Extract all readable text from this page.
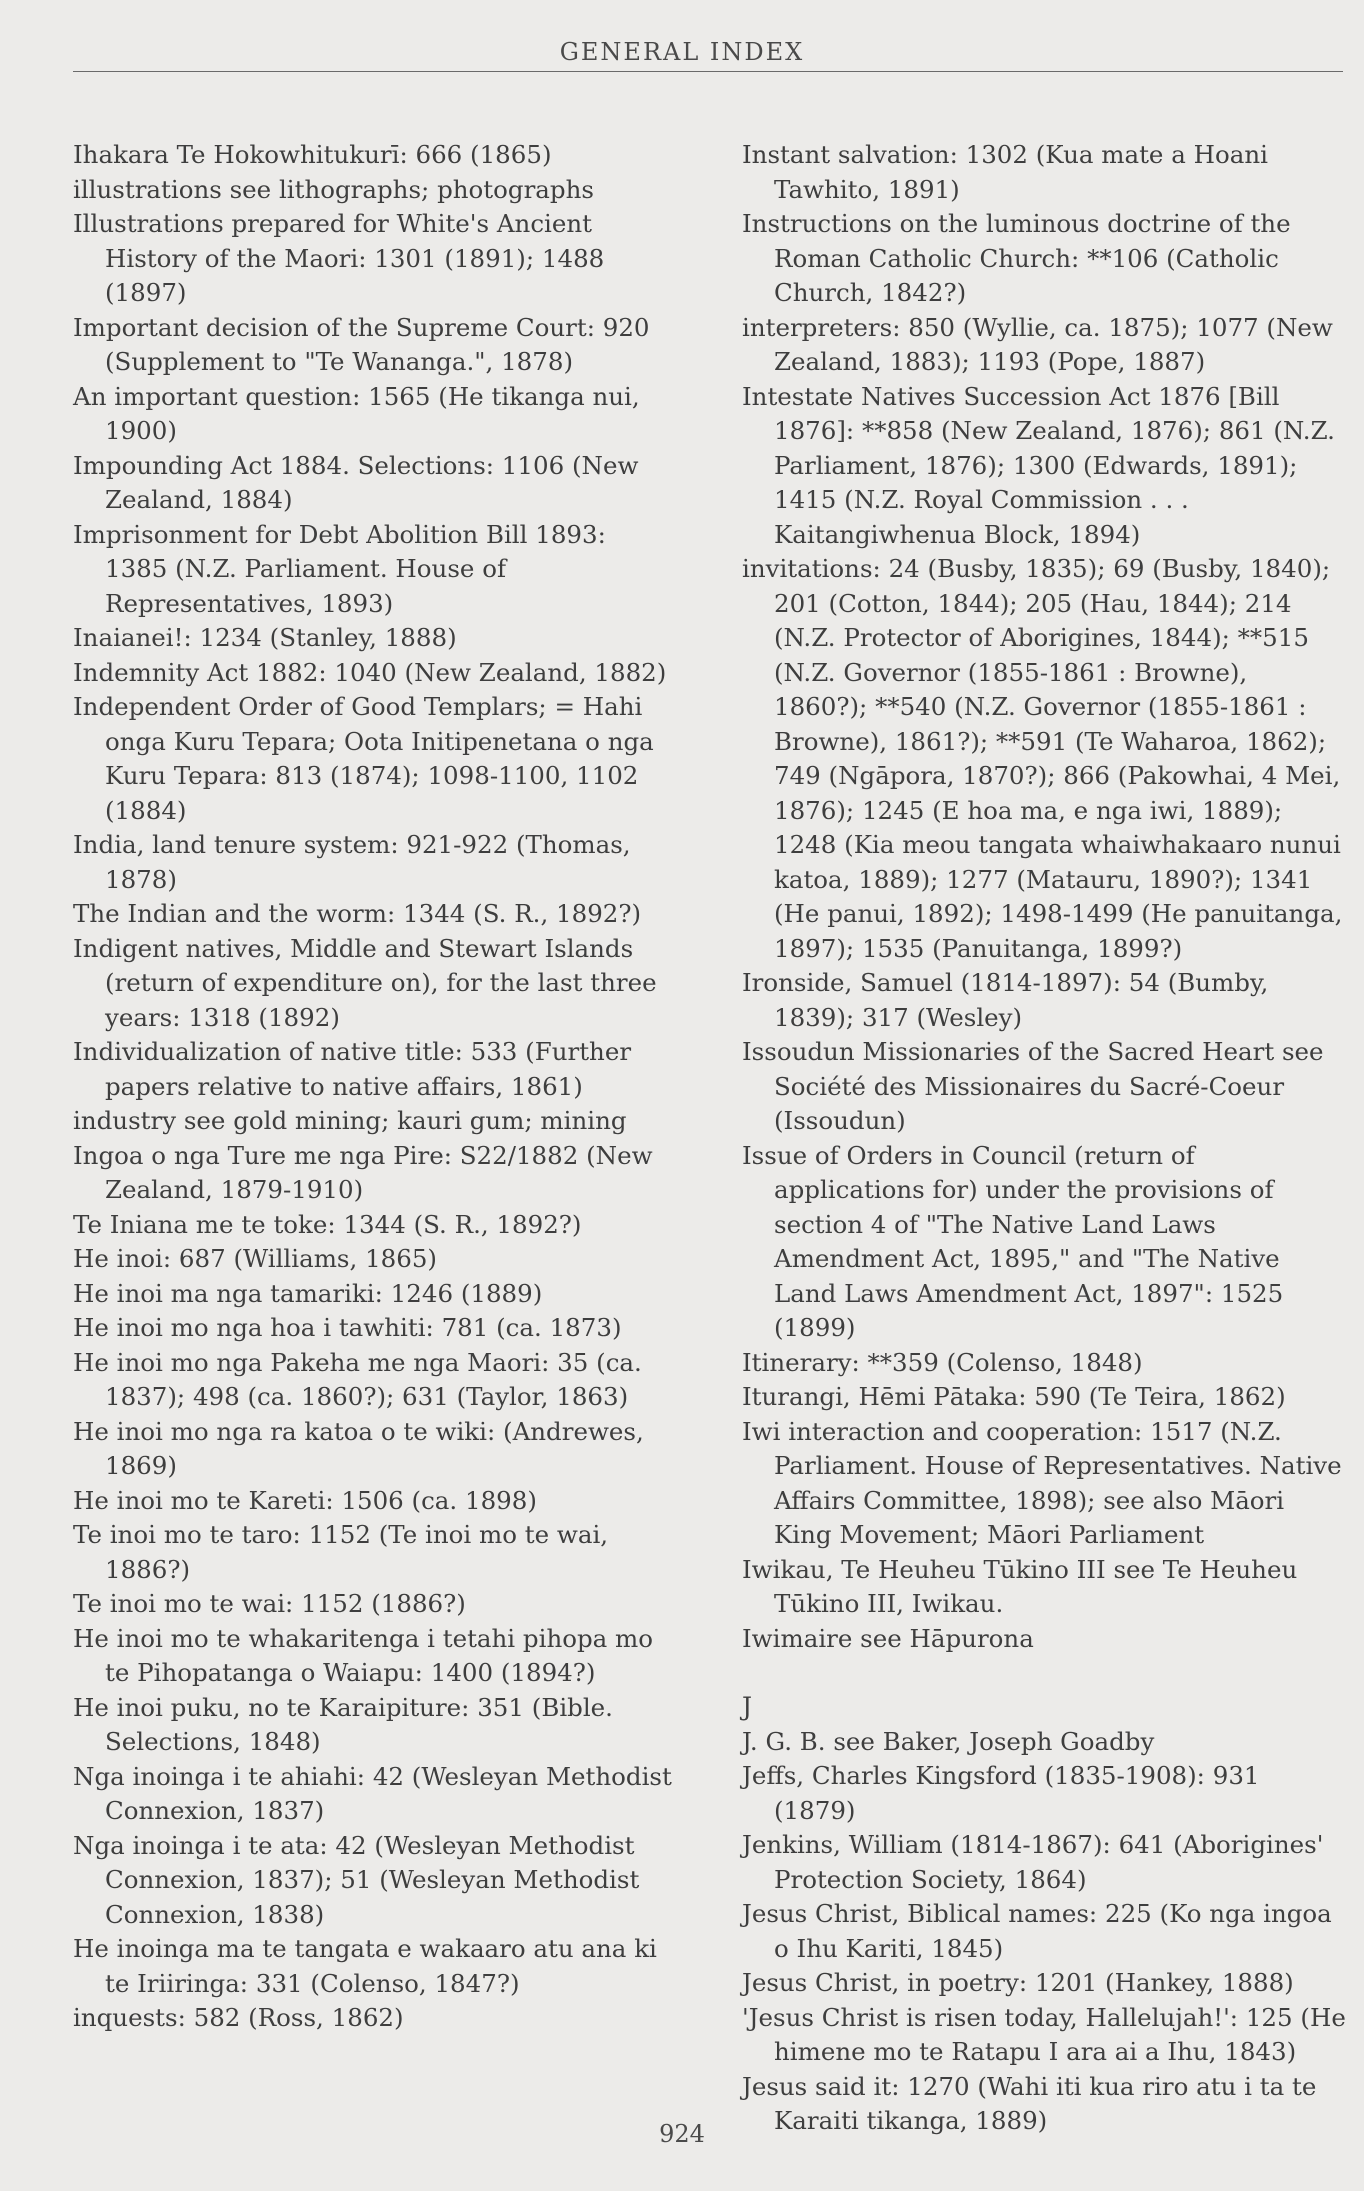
GENERAL INDEX
Ihakara Te Hokowhitukurī: 666 (1865)
illustrations see lithographs; photographs
Illustrations prepared for White's Ancient History of the Maori: 1301 (1891); 1488 (1897)
Important decision of the Supreme Court: 920 (Supplement to "Te Wananga.", 1878)
An important question: 1565 (He tikanga nui, 1900)
Impounding Act 1884. Selections: 1106 (New Zealand, 1884)
Imprisonment for Debt Abolition Bill 1893: 1385 (N.Z. Parliament. House of Representatives, 1893)
Inaianei!: 1234 (Stanley, 1888)
Indemnity Act 1882: 1040 (New Zealand, 1882)
Independent Order of Good Templars; = Hahi onga Kuru Tepara; Oota Initipenetana o nga Kuru Tepara: 813 (1874); 1098-1100, 1102 (1884)
India, land tenure system: 921-922 (Thomas, 1878)
The Indian and the worm: 1344 (S. R., 1892?)
Indigent natives, Middle and Stewart Islands (return of expenditure on), for the last three years: 1318 (1892)
Individualization of native title: 533 (Further papers relative to native affairs, 1861)
industry see gold mining; kauri gum; mining
Ingoa o nga Ture me nga Pire: S22/1882 (New Zealand, 1879-1910)
Te Iniana me te toke: 1344 (S. R., 1892?)
He inoi: 687 (Williams, 1865)
He inoi ma nga tamariki: 1246 (1889)
He inoi mo nga hoa i tawhiti: 781 (ca. 1873)
He inoi mo nga Pakeha me nga Maori: 35 (ca. 1837); 498 (ca. 1860?); 631 (Taylor, 1863)
He inoi mo nga ra katoa o te wiki: (Andrewes, 1869)
He inoi mo te Kareti: 1506 (ca. 1898)
Te inoi mo te taro: 1152 (Te inoi mo te wai, 1886?)
Te inoi mo te wai: 1152 (1886?)
He inoi mo te whakaritenga i tetahi pihopa mo te Pihopatanga o Waiapu: 1400 (1894?)
He inoi puku, no te Karaipiture: 351 (Bible. Selections, 1848)
Nga inoinga i te ahiahi: 42 (Wesleyan Methodist Connexion, 1837)
Nga inoinga i te ata: 42 (Wesleyan Methodist Connexion, 1837); 51 (Wesleyan Methodist Connexion, 1838)
He inoinga ma te tangata e wakaaro atu ana ki te Iriiringa: 331 (Colenso, 1847?)
inquests: 582 (Ross, 1862)
Instant salvation: 1302 (Kua mate a Hoani Tawhito, 1891)
Instructions on the luminous doctrine of the Roman Catholic Church: **106 (Catholic Church, 1842?)
interpreters: 850 (Wyllie, ca. 1875); 1077 (New Zealand, 1883); 1193 (Pope, 1887)
Intestate Natives Succession Act 1876 [Bill 1876]: **858 (New Zealand, 1876); 861 (N.Z. Parliament, 1876); 1300 (Edwards, 1891); 1415 (N.Z. Royal Commission . . . Kaitangiwhenua Block, 1894)
invitations: 24 (Busby, 1835); 69 (Busby, 1840); 201 (Cotton, 1844); 205 (Hau, 1844); 214 (N.Z. Protector of Aborigines, 1844); **515 (N.Z. Governor (1855-1861 : Browne), 1860?); **540 (N.Z. Governor (1855-1861 : Browne), 1861?); **591 (Te Waharoa, 1862); 749 (Ngāpora, 1870?); 866 (Pakowhai, 4 Mei, 1876); 1245 (E hoa ma, e nga iwi, 1889); 1248 (Kia meou tangata whaiwhakaaro nunui katoa, 1889); 1277 (Matauru, 1890?); 1341 (He panui, 1892); 1498-1499 (He panuitanga, 1897); 1535 (Panuitanga, 1899?)
Ironside, Samuel (1814-1897): 54 (Bumby, 1839); 317 (Wesley)
Issoudun Missionaries of the Sacred Heart see Société des Missionaires du Sacré-Coeur (Issoudun)
Issue of Orders in Council (return of applications for) under the provisions of section 4 of "The Native Land Laws Amendment Act, 1895," and "The Native Land Laws Amendment Act, 1897": 1525 (1899)
Itinerary: **359 (Colenso, 1848)
Iturangi, Hēmi Pātaka: 590 (Te Teira, 1862)
Iwi interaction and cooperation: 1517 (N.Z. Parliament. House of Representatives. Native Affairs Committee, 1898); see also Māori King Movement; Māori Parliament
Iwikau, Te Heuheu Tūkino III see Te Heuheu Tūkino III, Iwikau.
Iwimaire see Hāpurona
J
J. G. B. see Baker, Joseph Goadby
Jeffs, Charles Kingsford (1835-1908): 931 (1879)
Jenkins, William (1814-1867): 641 (Aborigines' Protection Society, 1864)
Jesus Christ, Biblical names: 225 (Ko nga ingoa o Ihu Kariti, 1845)
Jesus Christ, in poetry: 1201 (Hankey, 1888)
'Jesus Christ is risen today, Hallelujah!': 125 (He himene mo te Ratapu I ara ai a Ihu, 1843)
Jesus said it: 1270 (Wahi iti kua riro atu i ta te Karaiti tikanga, 1889)
924
